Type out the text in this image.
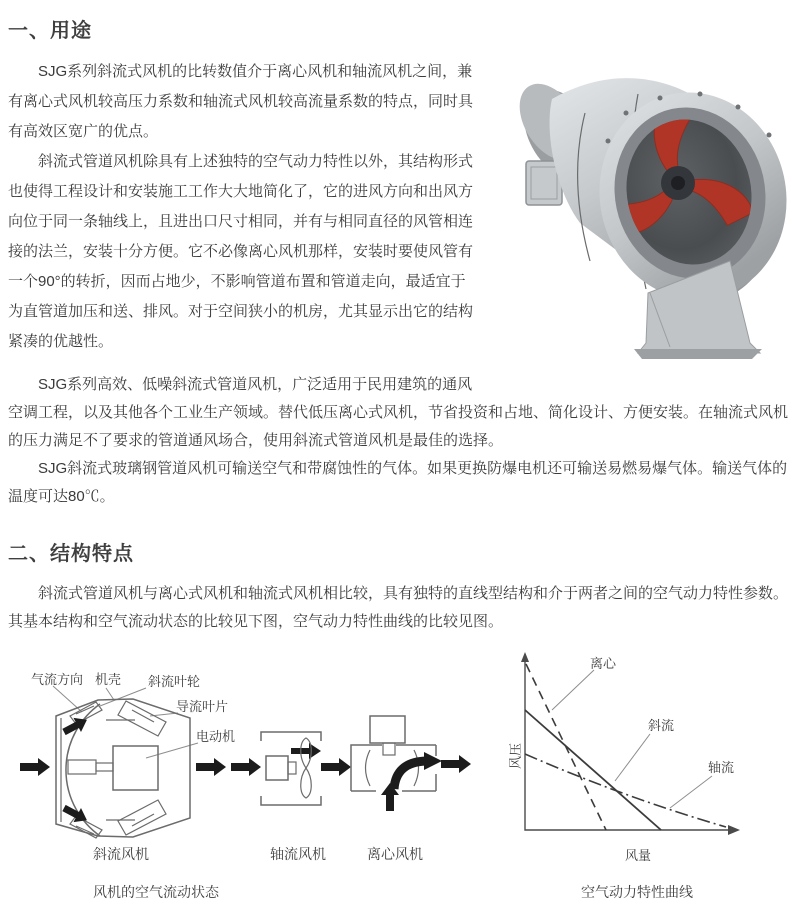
一、用途

SJG系列斜流式风机的比转数值介于离心风机和轴流风机之间，兼有离心式风机较高压力系数和轴流式风机较高流量系数的特点，同时具有高效区宽广的优点。

斜流式管道风机除具有上述独特的空气动力特性以外，其结构形式也使得工程设计和安装施工工作大大地简化了，它的进风方向和出风方向位于同一条轴线上，且进出口尺寸相同，并有与相同直径的风管相连接的法兰，安装十分方便。它不必像离心风机那样，安装时要使风管有一个90°的转折，因而占地少，不影响管道布置和管道走向，最适宜于为直管道加压和送、排风。对于空间狭小的机房，尤其显示出它的结构紧凑的优越性。

SJG系列高效、低噪斜流式管道风机，广泛适用于民用建筑的通风空调工程，以及其他各个工业生产领域。替代低压离心式风机，节省投资和占地、简化设计、方便安装。在轴流式风机的压力满足不了要求的管道通风场合，使用斜流式管道风机是最佳的选择。

SJG斜流式玻璃钢管道风机可输送空气和带腐蚀性的气体。如果更换防爆电机还可输送易燃易爆气体。输送气体的温度可达80℃。

二、结构特点

斜流式管道风机与离心式风机和轴流式风机相比较，具有独特的直线型结构和介于两者之间的空气动力特性参数。其基本结构和空气流动状态的比较见下图，空气动力特性曲线的比较见图。

气流方向 机壳 斜流叶轮
导流叶片
电动机
斜流风机	轴流风机	离心风机
离心
斜流
轴流
风压
风量
风机的空气流动状态	空气动力特性曲线
